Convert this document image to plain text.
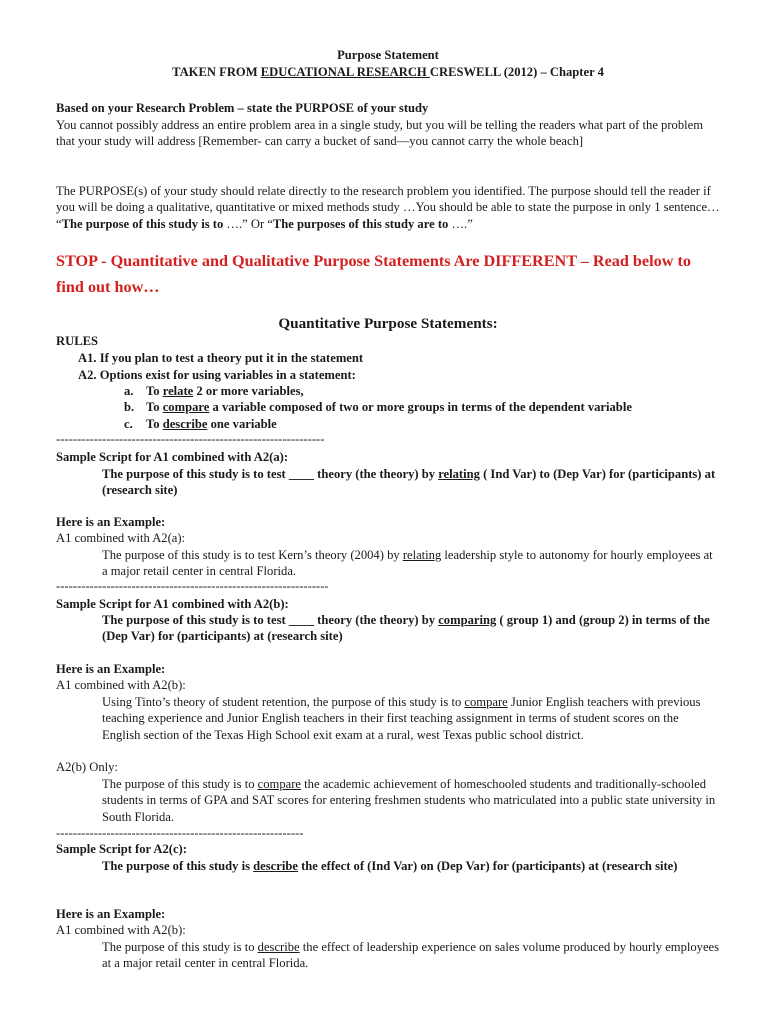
Purpose Statement
TAKEN FROM EDUCATIONAL RESEARCH CRESWELL (2012) – Chapter 4
Based on your Research Problem – state the PURPOSE of your study
You cannot possibly address an entire problem area in a single study, but you will be telling the readers what part of the problem that your study will address [Remember- can carry a bucket of sand—you cannot carry the whole beach]
The PURPOSE(s) of your study should relate directly to the research problem you identified. The purpose should tell the reader if you will be doing a qualitative, quantitative or mixed methods study …You should be able to state the purpose in only 1 sentence… “The purpose of this study is to ….” Or “The purposes of this study are to ….”
STOP - Quantitative and Qualitative Purpose Statements Are DIFFERENT – Read below to find out how…
Quantitative Purpose Statements:
RULES
A1. If you plan to test a theory put it in the statement
A2. Options exist for using variables in a statement:
a. To relate 2 or more variables,
b. To compare a variable composed of two or more groups in terms of the dependent variable
c. To describe one variable
----------------------------------------------------------------
Sample Script for A1 combined with A2(a):
The purpose of this study is to test ____ theory (the theory) by relating ( Ind Var) to (Dep Var) for (participants) at (research site)
Here is an Example:
A1 combined with A2(a):
The purpose of this study is to test Kern’s theory (2004) by relating leadership style to autonomy for hourly employees at a major retail center in central Florida.
-----------------------------------------------------------------
Sample Script for A1 combined with A2(b):
The purpose of this study is to test ____ theory (the theory) by comparing ( group 1) and (group 2) in terms of the (Dep Var) for (participants) at (research site)
Here is an Example:
A1 combined with A2(b):
Using Tinto’s theory of student retention, the purpose of this study is to compare Junior English teachers with previous teaching experience and Junior English teachers in their first teaching assignment in terms of student scores on the English section of the Texas High School exit exam at a rural, west Texas public school district.
A2(b) Only:
The purpose of this study is to compare the academic achievement of homeschooled students and traditionally-schooled students in terms of GPA and SAT scores for entering freshmen students who matriculated into a public state university in South Florida.
-----------------------------------------------------------
Sample Script for A2(c):
The purpose of this study is describe the effect of (Ind Var) on (Dep Var) for (participants) at (research site)
Here is an Example:
A1 combined with A2(b):
The purpose of this study is to describe the effect of leadership experience on sales volume produced by hourly employees at a major retail center in central Florida.
